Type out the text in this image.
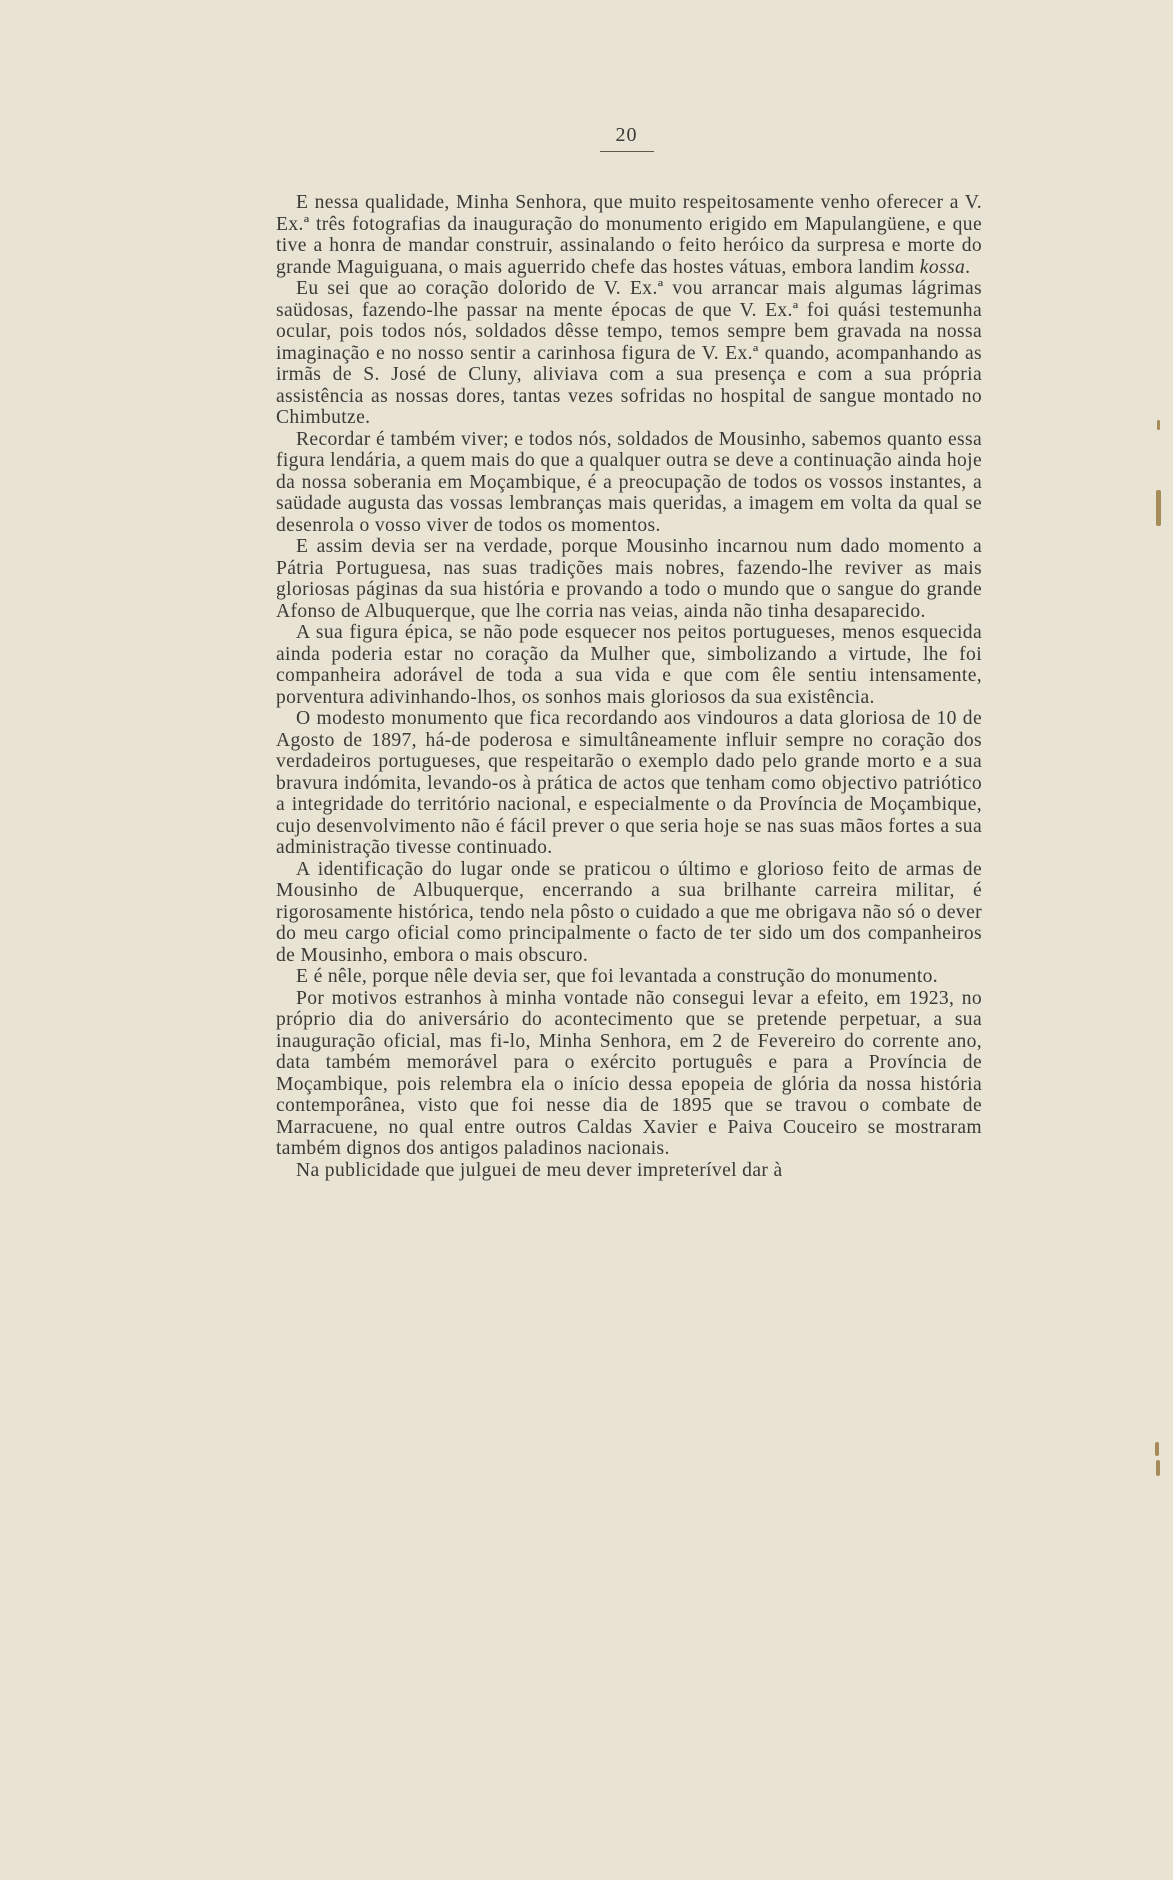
20

E nessa qualidade, Minha Senhora, que muito respeitosamente venho oferecer a V. Ex.ª três fotografias da inauguração do monumento erigido em Mapulangüene, e que tive a honra de mandar construir, assinalando o feito heróico da surpresa e morte do grande Maguiguana, o mais aguerrido chefe das hostes vátuas, embora landim kossa.

Eu sei que ao coração dolorido de V. Ex.ª vou arrancar mais algumas lágrimas saüdosas, fazendo-lhe passar na mente épocas de que V. Ex.ª foi quási testemunha ocular, pois todos nós, soldados dêsse tempo, temos sempre bem gravada na nossa imaginação e no nosso sentir a carinhosa figura de V. Ex.ª quando, acompanhando as irmãs de S. José de Cluny, aliviava com a sua presença e com a sua própria assistência as nossas dores, tantas vezes sofridas no hospital de sangue montado no Chimbutze.

Recordar é também viver; e todos nós, soldados de Mousinho, sabemos quanto essa figura lendária, a quem mais do que a qualquer outra se deve a continuação ainda hoje da nossa soberania em Moçambique, é a preocupação de todos os vossos instantes, a saüdade augusta das vossas lembranças mais queridas, a imagem em volta da qual se desenrola o vosso viver de todos os momentos.

E assim devia ser na verdade, porque Mousinho incarnou num dado momento a Pátria Portuguesa, nas suas tradições mais nobres, fazendo-lhe reviver as mais gloriosas páginas da sua história e provando a todo o mundo que o sangue do grande Afonso de Albuquerque, que lhe corria nas veias, ainda não tinha desaparecido.

A sua figura épica, se não pode esquecer nos peitos portugueses, menos esquecida ainda poderia estar no coração da Mulher que, simbolizando a virtude, lhe foi companheira adorável de toda a sua vida e que com êle sentiu intensamente, porventura adivinhando-lhos, os sonhos mais gloriosos da sua existência.

O modesto monumento que fica recordando aos vindouros a data gloriosa de 10 de Agosto de 1897, há-de poderosa e simultâneamente influir sempre no coração dos verdadeiros portugueses, que respeitarão o exemplo dado pelo grande morto e a sua bravura indómita, levando-os à prática de actos que tenham como objectivo patriótico a integridade do território nacional, e especialmente o da Província de Moçambique, cujo desenvolvimento não é fácil prever o que seria hoje se nas suas mãos fortes a sua administração tivesse continuado.

A identificação do lugar onde se praticou o último e glorioso feito de armas de Mousinho de Albuquerque, encerrando a sua brilhante carreira militar, é rigorosamente histórica, tendo nela pôsto o cuidado a que me obrigava não só o dever do meu cargo oficial como principalmente o facto de ter sido um dos companheiros de Mousinho, embora o mais obscuro.

E é nêle, porque nêle devia ser, que foi levantada a construção do monumento.

Por motivos estranhos à minha vontade não consegui levar a efeito, em 1923, no próprio dia do aniversário do acontecimento que se pretende perpetuar, a sua inauguração oficial, mas fi-lo, Minha Senhora, em 2 de Fevereiro do corrente ano, data também memorável para o exército português e para a Província de Moçambique, pois relembra ela o início dessa epopeia de glória da nossa história contemporânea, visto que foi nesse dia de 1895 que se travou o combate de Marracuene, no qual entre outros Caldas Xavier e Paiva Couceiro se mostraram também dignos dos antigos paladinos nacionais.

Na publicidade que julguei de meu dever impreterível dar à
